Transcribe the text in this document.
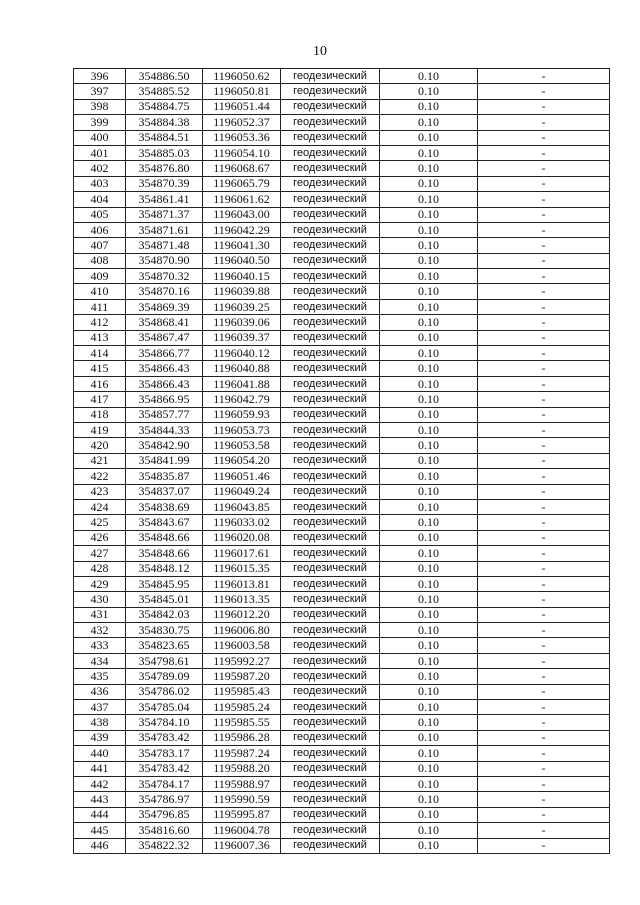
10
396	354886.50	1196050.62	геодезический	0.10	-
397	354885.52	1196050.81	геодезический	0.10	-
398	354884.75	1196051.44	геодезический	0.10	-
399	354884.38	1196052.37	геодезический	0.10	-
400	354884.51	1196053.36	геодезический	0.10	-
401	354885.03	1196054.10	геодезический	0.10	-
402	354876.80	1196068.67	геодезический	0.10	-
403	354870.39	1196065.79	геодезический	0.10	-
404	354861.41	1196061.62	геодезический	0.10	-
405	354871.37	1196043.00	геодезический	0.10	-
406	354871.61	1196042.29	геодезический	0.10	-
407	354871.48	1196041.30	геодезический	0.10	-
408	354870.90	1196040.50	геодезический	0.10	-
409	354870.32	1196040.15	геодезический	0.10	-
410	354870.16	1196039.88	геодезический	0.10	-
411	354869.39	1196039.25	геодезический	0.10	-
412	354868.41	1196039.06	геодезический	0.10	-
413	354867.47	1196039.37	геодезический	0.10	-
414	354866.77	1196040.12	геодезический	0.10	-
415	354866.43	1196040.88	геодезический	0.10	-
416	354866.43	1196041.88	геодезический	0.10	-
417	354866.95	1196042.79	геодезический	0.10	-
418	354857.77	1196059.93	геодезический	0.10	-
419	354844.33	1196053.73	геодезический	0.10	-
420	354842.90	1196053.58	геодезический	0.10	-
421	354841.99	1196054.20	геодезический	0.10	-
422	354835.87	1196051.46	геодезический	0.10	-
423	354837.07	1196049.24	геодезический	0.10	-
424	354838.69	1196043.85	геодезический	0.10	-
425	354843.67	1196033.02	геодезический	0.10	-
426	354848.66	1196020.08	геодезический	0.10	-
427	354848.66	1196017.61	геодезический	0.10	-
428	354848.12	1196015.35	геодезический	0.10	-
429	354845.95	1196013.81	геодезический	0.10	-
430	354845.01	1196013.35	геодезический	0.10	-
431	354842.03	1196012.20	геодезический	0.10	-
432	354830.75	1196006.80	геодезический	0.10	-
433	354823.65	1196003.58	геодезический	0.10	-
434	354798.61	1195992.27	геодезический	0.10	-
435	354789.09	1195987.20	геодезический	0.10	-
436	354786.02	1195985.43	геодезический	0.10	-
437	354785.04	1195985.24	геодезический	0.10	-
438	354784.10	1195985.55	геодезический	0.10	-
439	354783.42	1195986.28	геодезический	0.10	-
440	354783.17	1195987.24	геодезический	0.10	-
441	354783.42	1195988.20	геодезический	0.10	-
442	354784.17	1195988.97	геодезический	0.10	-
443	354786.97	1195990.59	геодезический	0.10	-
444	354796.85	1195995.87	геодезический	0.10	-
445	354816.60	1196004.78	геодезический	0.10	-
446	354822.32	1196007.36	геодезический	0.10	-
